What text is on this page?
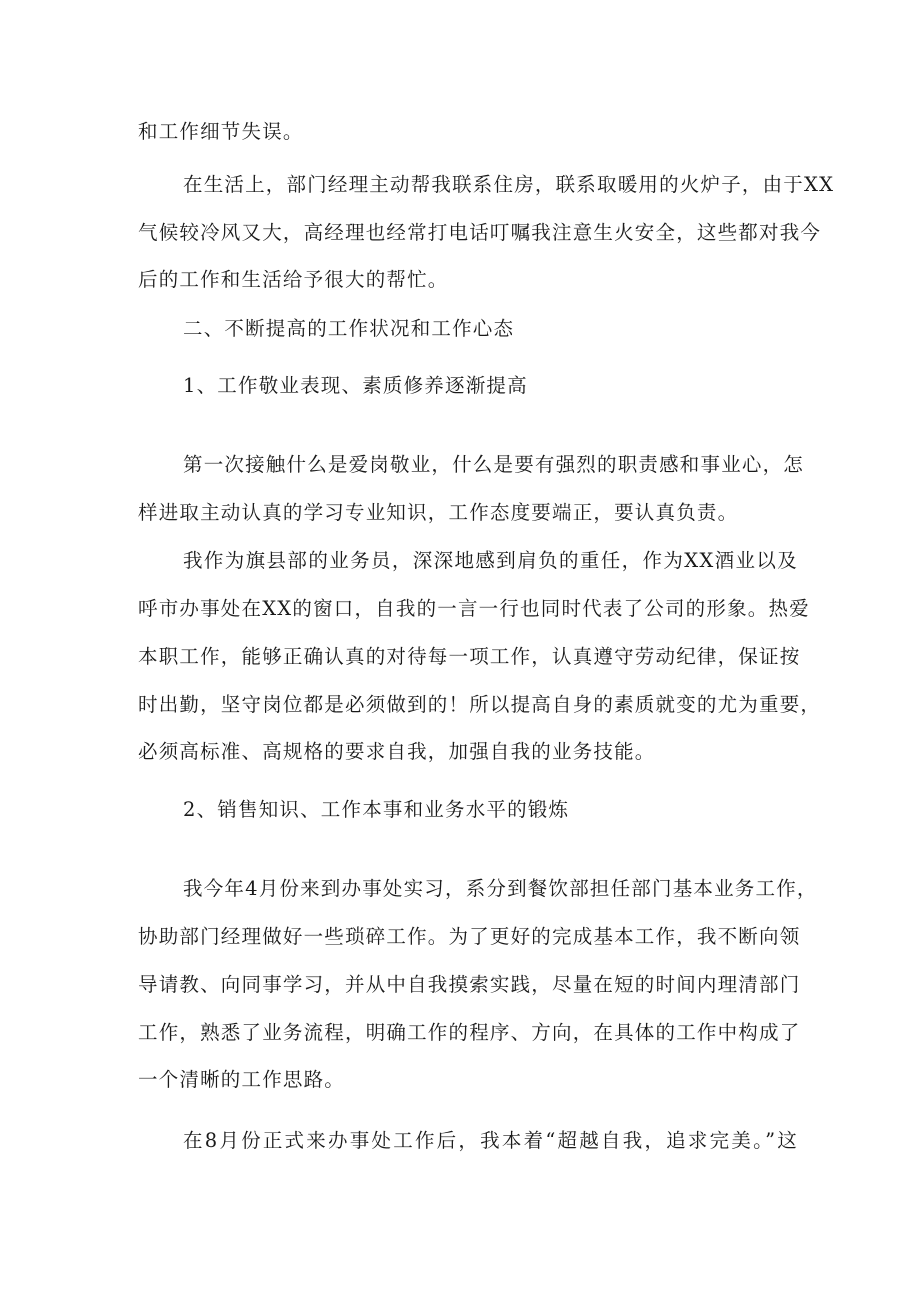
和工作细节失误。
在生活上，部门经理主动帮我联系住房，联系取暖用的火炉子，由于XX
气候较冷风又大，高经理也经常打电话叮嘱我注意生火安全，这些都对我今
后的工作和生活给予很大的帮忙。
二、不断提高的工作状况和工作心态
1、工作敬业表现、素质修养逐渐提高
第一次接触什么是爱岗敬业，什么是要有强烈的职责感和事业心，怎
样进取主动认真的学习专业知识，工作态度要端正，要认真负责。
我作为旗县部的业务员，深深地感到肩负的重任，作为XX酒业以及
呼市办事处在XX的窗口，自我的一言一行也同时代表了公司的形象。热爱
本职工作，能够正确认真的对待每一项工作，认真遵守劳动纪律，保证按
时出勤，坚守岗位都是必须做到的！所以提高自身的素质就变的尤为重要，
必须高标准、高规格的要求自我，加强自我的业务技能。
2、销售知识、工作本事和业务水平的锻炼
我今年4月份来到办事处实习，系分到餐饮部担任部门基本业务工作，
协助部门经理做好一些琐碎工作。为了更好的完成基本工作，我不断向领
导请教、向同事学习，并从中自我摸索实践，尽量在短的时间内理清部门
工作，熟悉了业务流程，明确工作的程序、方向，在具体的工作中构成了
一个清晰的工作思路。
在8月份正式来办事处工作后，我本着“超越自我，追求完美。”这
